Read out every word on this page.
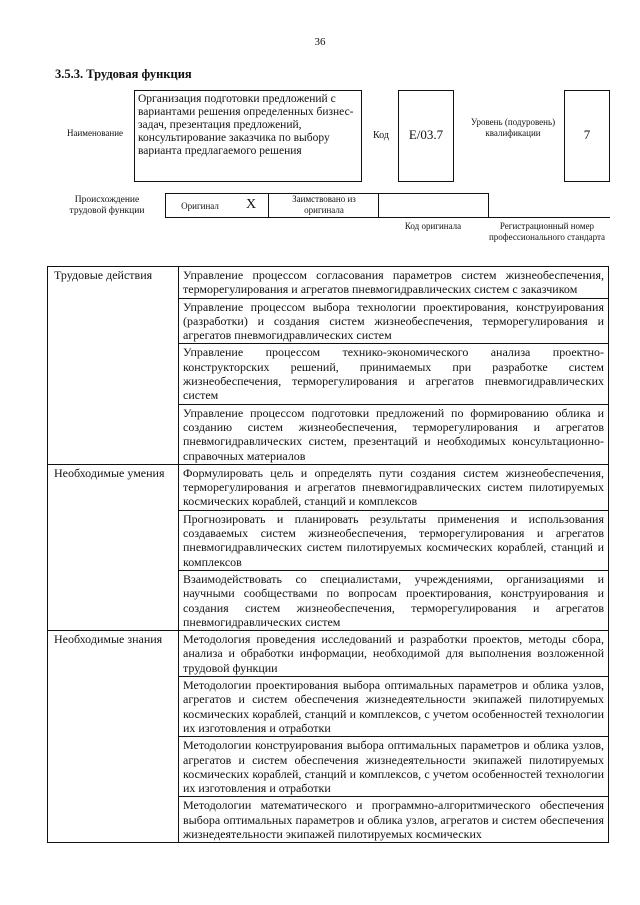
36
3.5.3. Трудовая функция
Наименование
Организация подготовки предложений с вариантами решения определенных бизнес-задач, презентация предложений, консультирование заказчика по выбору варианта предлагаемого решения
Код	E/03.7
Уровень (подуровень) квалификации	7
Происхождение трудовой функции	Оригинал	X	Заимствовано из оригинала
Код оригинала	Регистрационный номер профессионального стандарта
Трудовые действия	Управление процессом согласования параметров систем жизнеобеспечения, терморегулирования и агрегатов пневмогидравлических систем с заказчиком
Управление процессом выбора технологии проектирования, конструирования (разработки) и создания систем жизнеобеспечения, терморегулирования и агрегатов пневмогидравлических систем
Управление процессом технико-экономического анализа проектно-конструкторских решений, принимаемых при разработке систем жизнеобеспечения, терморегулирования и агрегатов пневмогидравлических систем
Управление процессом подготовки предложений по формированию облика и созданию систем жизнеобеспечения, терморегулирования и агрегатов пневмогидравлических систем, презентаций и необходимых консультационно-справочных материалов

Необходимые умения	Формулировать цель и определять пути создания систем жизнеобеспечения, терморегулирования и агрегатов пневмогидравлических систем пилотируемых космических кораблей, станций и комплексов
Прогнозировать и планировать результаты применения и использования создаваемых систем жизнеобеспечения, терморегулирования и агрегатов пневмогидравлических систем пилотируемых космических кораблей, станций и комплексов
Взаимодействовать со специалистами, учреждениями, организациями и научными сообществами по вопросам проектирования, конструирования и создания систем жизнеобеспечения, терморегулирования и агрегатов пневмогидравлических систем

Необходимые знания	Методология проведения исследований и разработки проектов, методы сбора, анализа и обработки информации, необходимой для выполнения возложенной трудовой функции
Методологии проектирования выбора оптимальных параметров и облика узлов, агрегатов и систем обеспечения жизнедеятельности экипажей пилотируемых космических кораблей, станций и комплексов, с учетом особенностей технологии их изготовления и отработки
Методологии конструирования выбора оптимальных параметров и облика узлов, агрегатов и систем обеспечения жизнедеятельности экипажей пилотируемых космических кораблей, станций и комплексов, с учетом особенностей технологии их изготовления и отработки
Методологии математического и программно-алгоритмического обеспечения выбора оптимальных параметров и облика узлов, агрегатов и систем обеспечения жизнедеятельности экипажей пилотируемых космических
